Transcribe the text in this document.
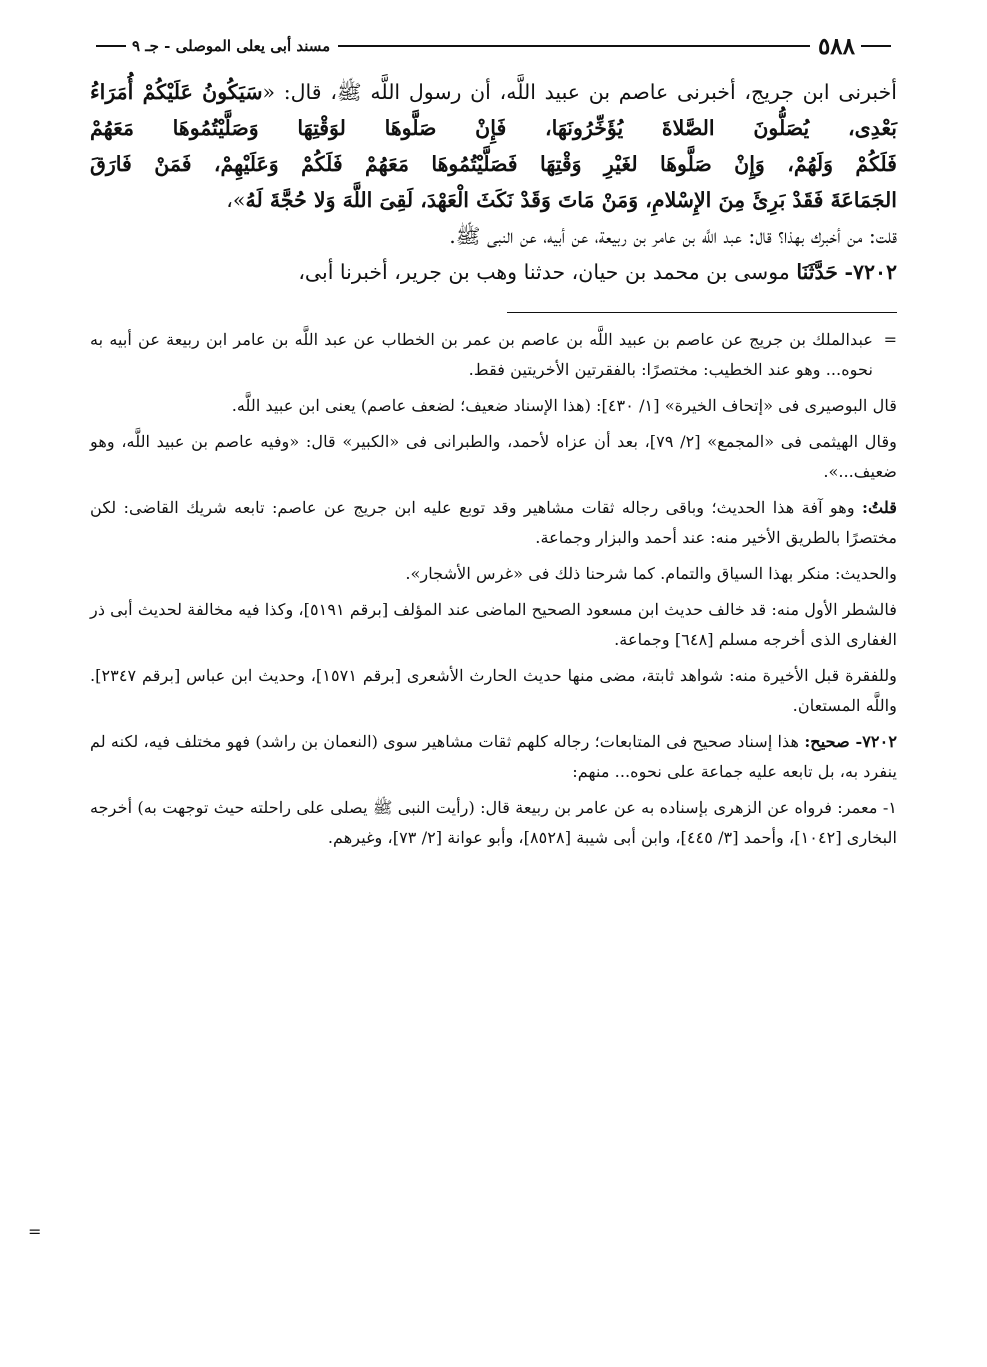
٥٨٨
مسند أبى يعلى الموصلى - جـ ٩

أخبرنى ابن جريج، أخبرنى عاصم بن عبيد اللَّه، أن رسول اللَّه ﷺ، قال: «سَيَكُونُ عَلَيْكُمْ أُمَرَاءُ بَعْدِى، يُصَلُّونَ الصَّلاةَ يُؤَخِّرُونَهَا، فَإِنْ صَلَّوهَا لوَقْتِهَا وَصَلَّيْتُمُوهَا مَعَهُمْ

فَلَكُمْ وَلَهُمْ، وَإِنْ صَلَّوهَا لغَيْرِ وَقْتِهَا فَصَلَّيْتُمُوهَا مَعَهُمْ فَلَكُمْ وَعَلَيْهِمْ، فَمَنْ فَارَقَ

الجَمَاعَةَ فَقَدْ بَرِئَ مِنَ الإِسْلامِ، وَمَنْ مَاتَ وَقَدْ نَكَثَ الْعَهْدَ، لَقِىَ اللَّهَ وَلا حُجَّةَ لَهُ»،

قلت: من أخبرك بهذا؟ قال: عبد اللَّه بن عامر بن ربيعة، عن أبيه، عن النبى ﷺ.

٧٢٠٢- حَدَّثَنَا موسى بن محمد بن حيان، حدثنا وهب بن جرير، أخبرنا أبى،

=
عبدالملك بن جريج عن عاصم بن عبيد اللَّه بن عاصم بن عمر بن الخطاب عن عبد اللَّه بن عامر ابن ربيعة عن أبيه به نحوه... وهو عند الخطيب: مختصرًا: بالفقرتين الأخريتين فقط.

قال البوصيرى فى «إتحاف الخيرة» [١/ ٤٣٠]: (هذا الإسناد ضعيف؛ لضعف عاصم) يعنى ابن عبيد اللَّه.

وقال الهيثمى فى «المجمع» [٢/ ٧٩]، بعد أن عزاه لأحمد، والطبرانى فى «الكبير» قال: «وفيه عاصم بن عبيد اللَّه، وهو ضعيف...».

قلتُ: وهو آفة هذا الحديث؛ وباقى رجاله ثقات مشاهير وقد توبع عليه ابن جريج عن عاصم: تابعه شريك القاضى: لكن مختصرًا بالطريق الأخير منه: عند أحمد والبزار وجماعة.

والحديث: منكر بهذا السياق والتمام. كما شرحنا ذلك فى «غرس الأشجار».

فالشطر الأول منه: قد خالف حديث ابن مسعود الصحيح الماضى عند المؤلف [برقم ٥١٩١]، وكذا فيه مخالفة لحديث أبى ذر الغفارى الذى أخرجه مسلم [٦٤٨] وجماعة.

وللفقرة قبل الأخيرة منه: شواهد ثابتة، مضى منها حديث الحارث الأشعرى [برقم ١٥٧١]، وحديث ابن عباس [برقم ٢٣٤٧]. واللَّه المستعان.

٧٢٠٢- صحيح: هذا إسناد صحيح فى المتابعات؛ رجاله كلهم ثقات مشاهير سوى (النعمان بن راشد) فهو مختلف فيه، لكنه لم ينفرد به، بل تابعه عليه جماعة على نحوه... منهم:

١- معمر: فرواه عن الزهرى بإسناده به عن عامر بن ربيعة قال: (رأيت النبى ﷺ يصلى على راحلته حيث توجهت به) أخرجه البخارى [١٠٤٢]، وأحمد [٣/ ٤٤٥]، وابن أبى شيبة [٨٥٢٨]، وأبو عوانة [٢/ ٧٣]، وغيرهم.

=
